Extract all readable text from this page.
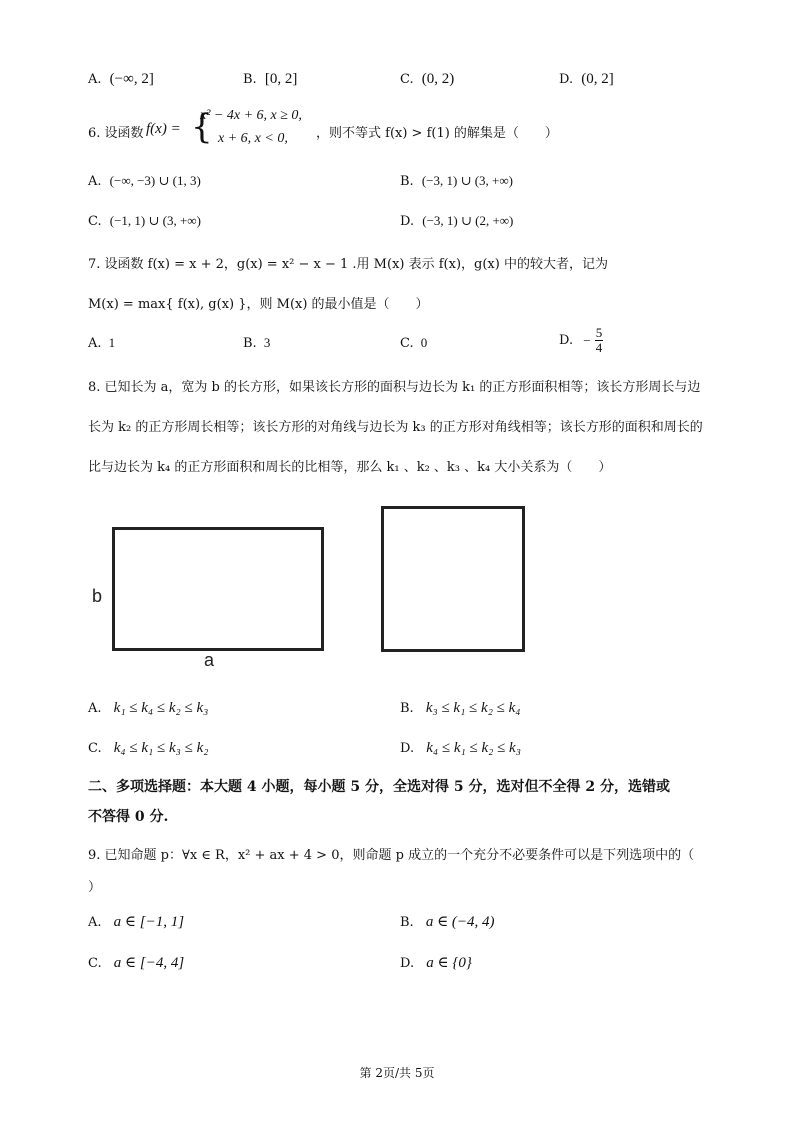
A. (−∞, 2]	B. [0, 2]	C. (0, 2)	D. (0, 2]
6. 设函数 f(x) = {
x² − 4x + 6, x ≥ 0,
x + 6, x < 0, ，则不等式 f(x) > f(1) 的解集是（　　）
A. (−∞, −3) ∪ (1, 3)	B. (−3, 1) ∪ (3, +∞)
C. (−1, 1) ∪ (3, +∞)	D. (−3, 1) ∪ (2, +∞)
7. 设函数 f(x) = x + 2，g(x) = x² − x − 1 .用 M(x) 表示 f(x)，g(x) 中的较大者，记为
M(x) = max{ f(x), g(x) }，则 M(x) 的最小值是（　　）
A. 1	B. 3	C. 0	D. − $\frac{5}{4}$
8. 已知长为 a，宽为 b 的长方形，如果该长方形的面积与边长为 k₁ 的正方形面积相等；该长方形周长与边
长为 k₂ 的正方形周长相等；该长方形的对角线与边长为 k₃ 的正方形对角线相等；该长方形的面积和周长的
比与边长为 k₄ 的正方形面积和周长的比相等，那么 k₁ 、k₂ 、k₃ 、k₄ 大小关系为（　　）
b
a
A. k₁ ≤ k₄ ≤ k₂ ≤ k₃	B. k₃ ≤ k₁ ≤ k₂ ≤ k₄
C. k₄ ≤ k₁ ≤ k₃ ≤ k₂	D. k₄ ≤ k₁ ≤ k₂ ≤ k₃
二、多项选择题：本大题 4 小题，每小题 5 分，全选对得 5 分，选对但不全得 2 分，选错或
不答得 0 分.
9. 已知命题 p：∀x ∈ R，x² + ax + 4 > 0，则命题 p 成立的一个充分不必要条件可以是下列选项中的（
）
A. a ∈ [−1, 1]	B. a ∈ (−4, 4)
C. a ∈ [−4, 4]	D. a ∈ {0}
第 2页/共 5页
